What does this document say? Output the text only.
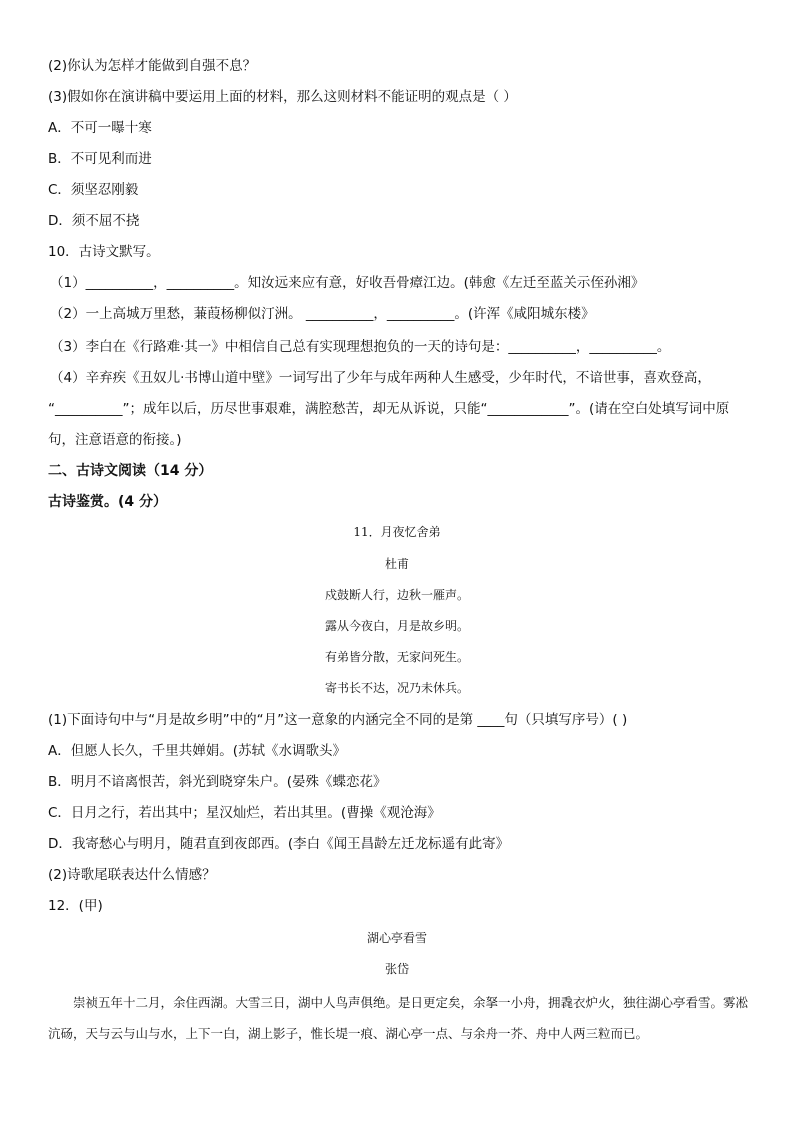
(2)你认为怎样才能做到自强不息？
(3)假如你在演讲稿中要运用上面的材料，那么这则材料不能证明的观点是（ ）
A．不可一曝十寒
B．不可见利而进
C．须坚忍刚毅
D．须不屈不挠
10．古诗文默写。
（1）__________，__________。知汝远来应有意，好收吾骨瘴江边。(韩愈《左迁至蓝关示侄孙湘》
（2）一上高城万里愁，蒹葭杨柳似汀洲。 __________，__________。(许浑《咸阳城东楼》
（3）李白在《行路难·其一》中相信自己总有实现理想抱负的一天的诗句是：__________，__________。
（4）辛弃疾《丑奴儿·书博山道中壁》一词写出了少年与成年两种人生感受，少年时代，不谙世事，喜欢登高，
“__________”；成年以后，历尽世事艰难，满腔愁苦，却无从诉说，只能“____________”。(请在空白处填写词中原
句，注意语意的衔接。)
二、古诗文阅读（14 分）
古诗鉴赏。(4 分）
11．月夜忆舍弟
杜甫
戍鼓断人行，边秋一雁声。
露从今夜白，月是故乡明。
有弟皆分散，无家问死生。
寄书长不达，况乃未休兵。
(1)下面诗句中与“月是故乡明”中的“月”这一意象的内涵完全不同的是第 ____句（只填写序号）( )
A．但愿人长久，千里共婵娟。(苏轼《水调歌头》
B．明月不谙离恨苦，斜光到晓穿朱户。(晏殊《蝶恋花》
C．日月之行，若出其中；星汉灿烂，若出其里。(曹操《观沧海》
D．我寄愁心与明月，随君直到夜郎西。(李白《闻王昌龄左迁龙标遥有此寄》
(2)诗歌尾联表达什么情感？
12．(甲)
湖心亭看雪
张岱
崇祯五年十二月，余住西湖。大雪三日，湖中人鸟声俱绝。是日更定矣，余拏一小舟，拥毳衣炉火，独往湖心亭看雪。雾凇沆砀，天与云与山与水，上下一白，湖上影子，惟长堤一痕、湖心亭一点、与余舟一芥、舟中人两三粒而已。
